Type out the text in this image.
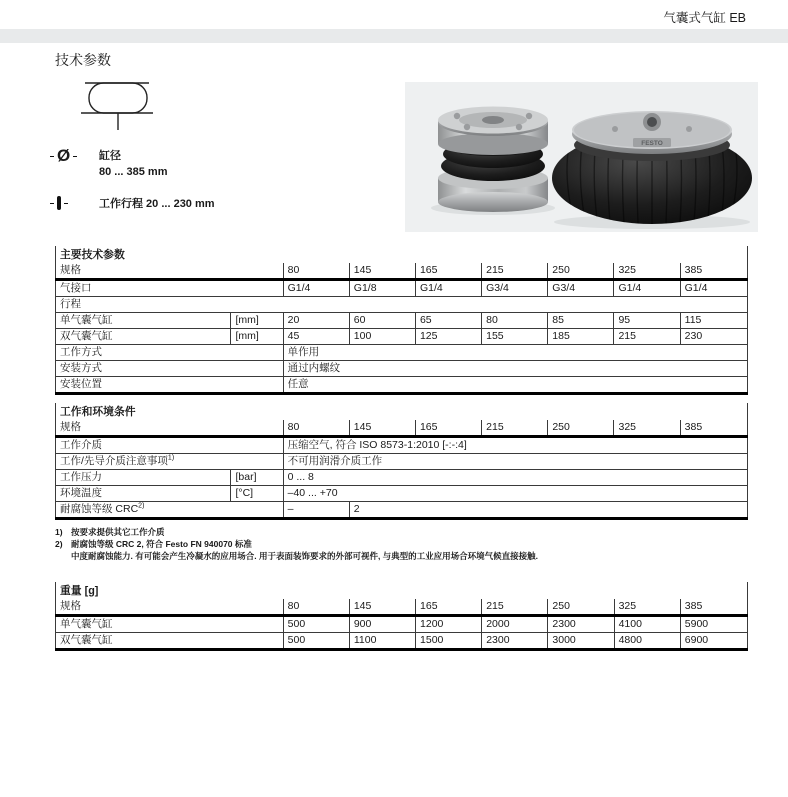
气囊式气缸 EB
技术参数
Ø	缸径
80 ... 385 mm
工作行程 20 ... 230 mm
FESTO
主要技术参数								
规格		80	145	165	215	250	325	385
气接口		G1/4	G1/8	G1/4	G3/4	G3/4	G1/4	G1/4
行程								
单气囊气缸	[mm]	20	60	65	80	85	95	115
双气囊气缸	[mm]	45	100	125	155	185	215	230
工作方式		单作用						
安装方式		通过内螺纹						
安装位置		任意						
工作和环境条件								
规格		80	145	165	215	250	325	385
工作介质		压缩空气, 符合 ISO 8573-1:2010 [-:-:4]						
工作/先导介质注意事项$^{1)}$		不可用润滑介质工作						
工作压力	[bar]	0 ... 8						
环境温度	[°C]	–40 ... +70						
耐腐蚀等级 CRC$^{2)}$		–	2					
1) 按要求提供其它工作介质
2) 耐腐蚀等级 CRC 2, 符合 Festo FN 940070 标准
中度耐腐蚀能力. 有可能会产生冷凝水的应用场合. 用于表面装饰要求的外部可视件, 与典型的工业应用场合环境气候直接接触.
重量 [g]							
规格	80	145	165	215	250	325	385
单气囊气缸	500	900	1200	2000	2300	4100	5900
双气囊气缸	500	1100	1500	2300	3000	4800	6900
